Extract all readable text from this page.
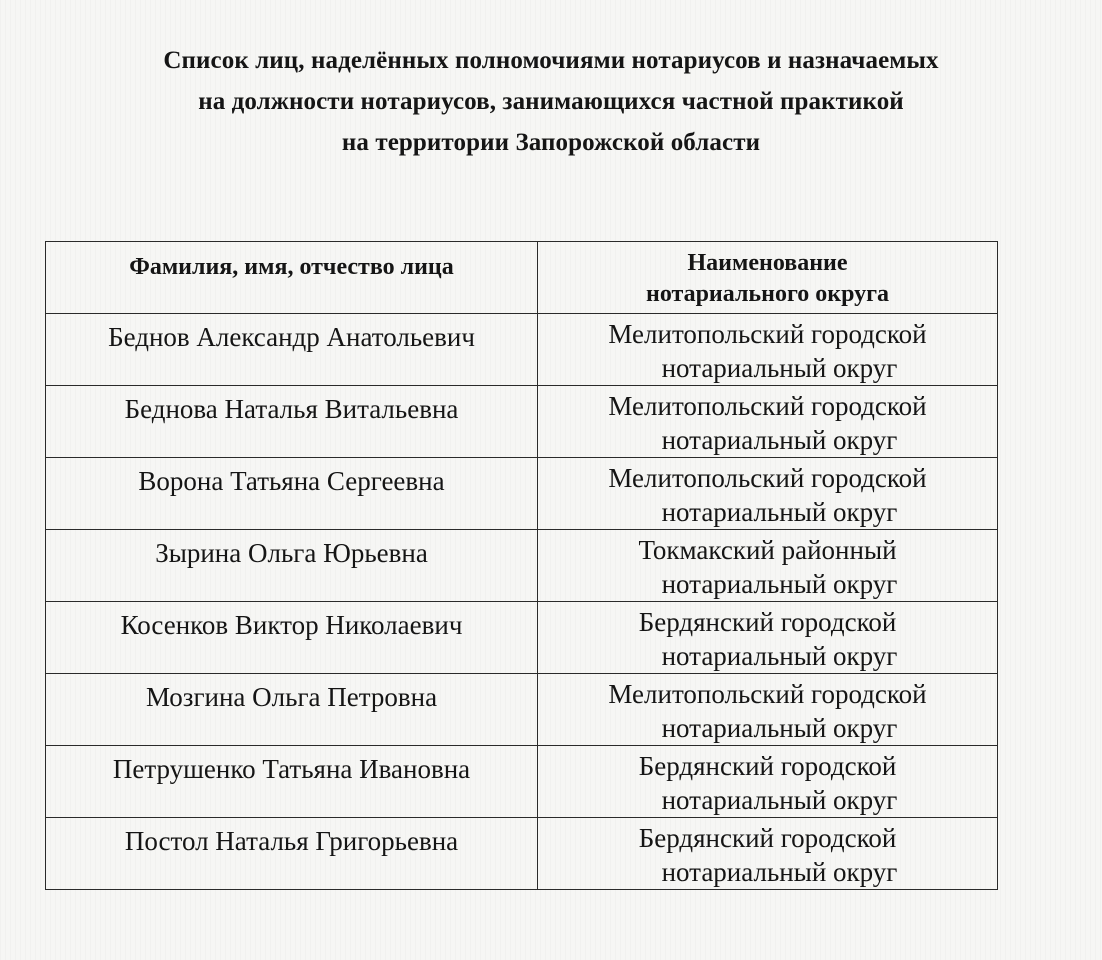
Список лиц, наделённых полномочиями нотариусов и назначаемых
на должности нотариусов, занимающихся частной практикой
на территории Запорожской области
Фамилия, имя, отчество лица	Наименование
нотариального округа

Беднов Александр Анатольевич	Мелитопольский городской
нотариальный округ

Беднова Наталья Витальевна	Мелитопольский городской
нотариальный округ

Ворона Татьяна Сергеевна	Мелитопольский городской
нотариальный округ

Зырина Ольга Юрьевна	Токмакский районный
нотариальный округ

Косенков Виктор Николаевич	Бердянский городской
нотариальный округ

Мозгина Ольга Петровна	Мелитопольский городской
нотариальный округ

Петрушенко Татьяна Ивановна	Бердянский городской
нотариальный округ

Постол Наталья Григорьевна	Бердянский городской
нотариальный округ
